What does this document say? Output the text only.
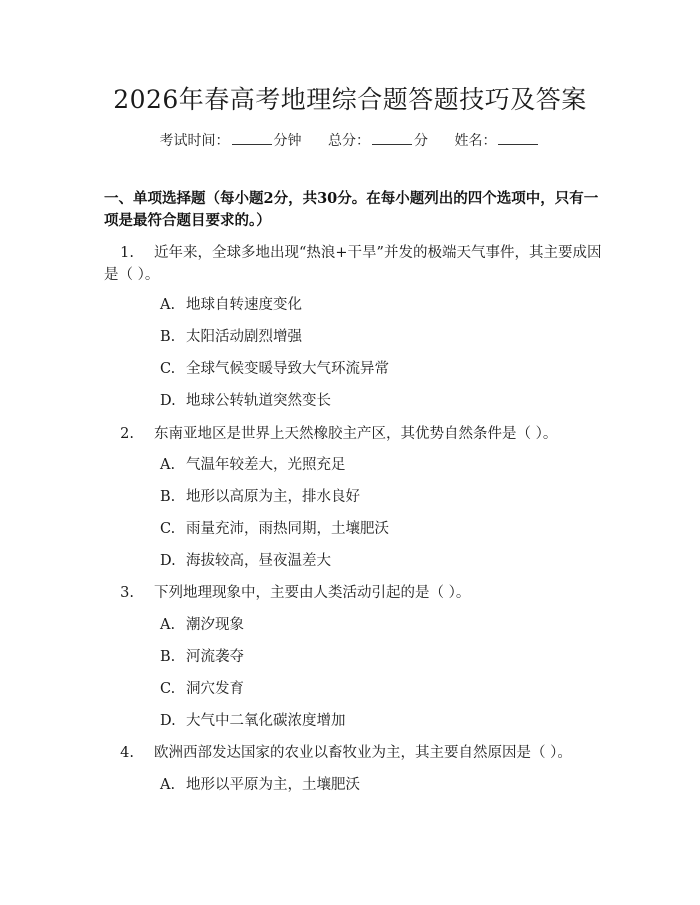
2026年春高考地理综合题答题技巧及答案
考试时间：	分钟 总分：	分 姓名：
一、单项选择题（每小题2分，共30分。在每小题列出的四个选项中，只有一项是最符合题目要求的。）
1. 近年来，全球多地出现“热浪+干旱”并发的极端天气事件，其主要成因是（ ）。
A. 地球自转速度变化
B. 太阳活动剧烈增强
C. 全球气候变暖导致大气环流异常
D. 地球公转轨道突然变长
2. 东南亚地区是世界上天然橡胶主产区，其优势自然条件是（ ）。
A. 气温年较差大，光照充足
B. 地形以高原为主，排水良好
C. 雨量充沛，雨热同期，土壤肥沃
D. 海拔较高，昼夜温差大
3. 下列地理现象中，主要由人类活动引起的是（ ）。
A. 潮汐现象
B. 河流袭夺
C. 洞穴发育
D. 大气中二氧化碳浓度增加
4. 欧洲西部发达国家的农业以畜牧业为主，其主要自然原因是（ ）。
A. 地形以平原为主，土壤肥沃
